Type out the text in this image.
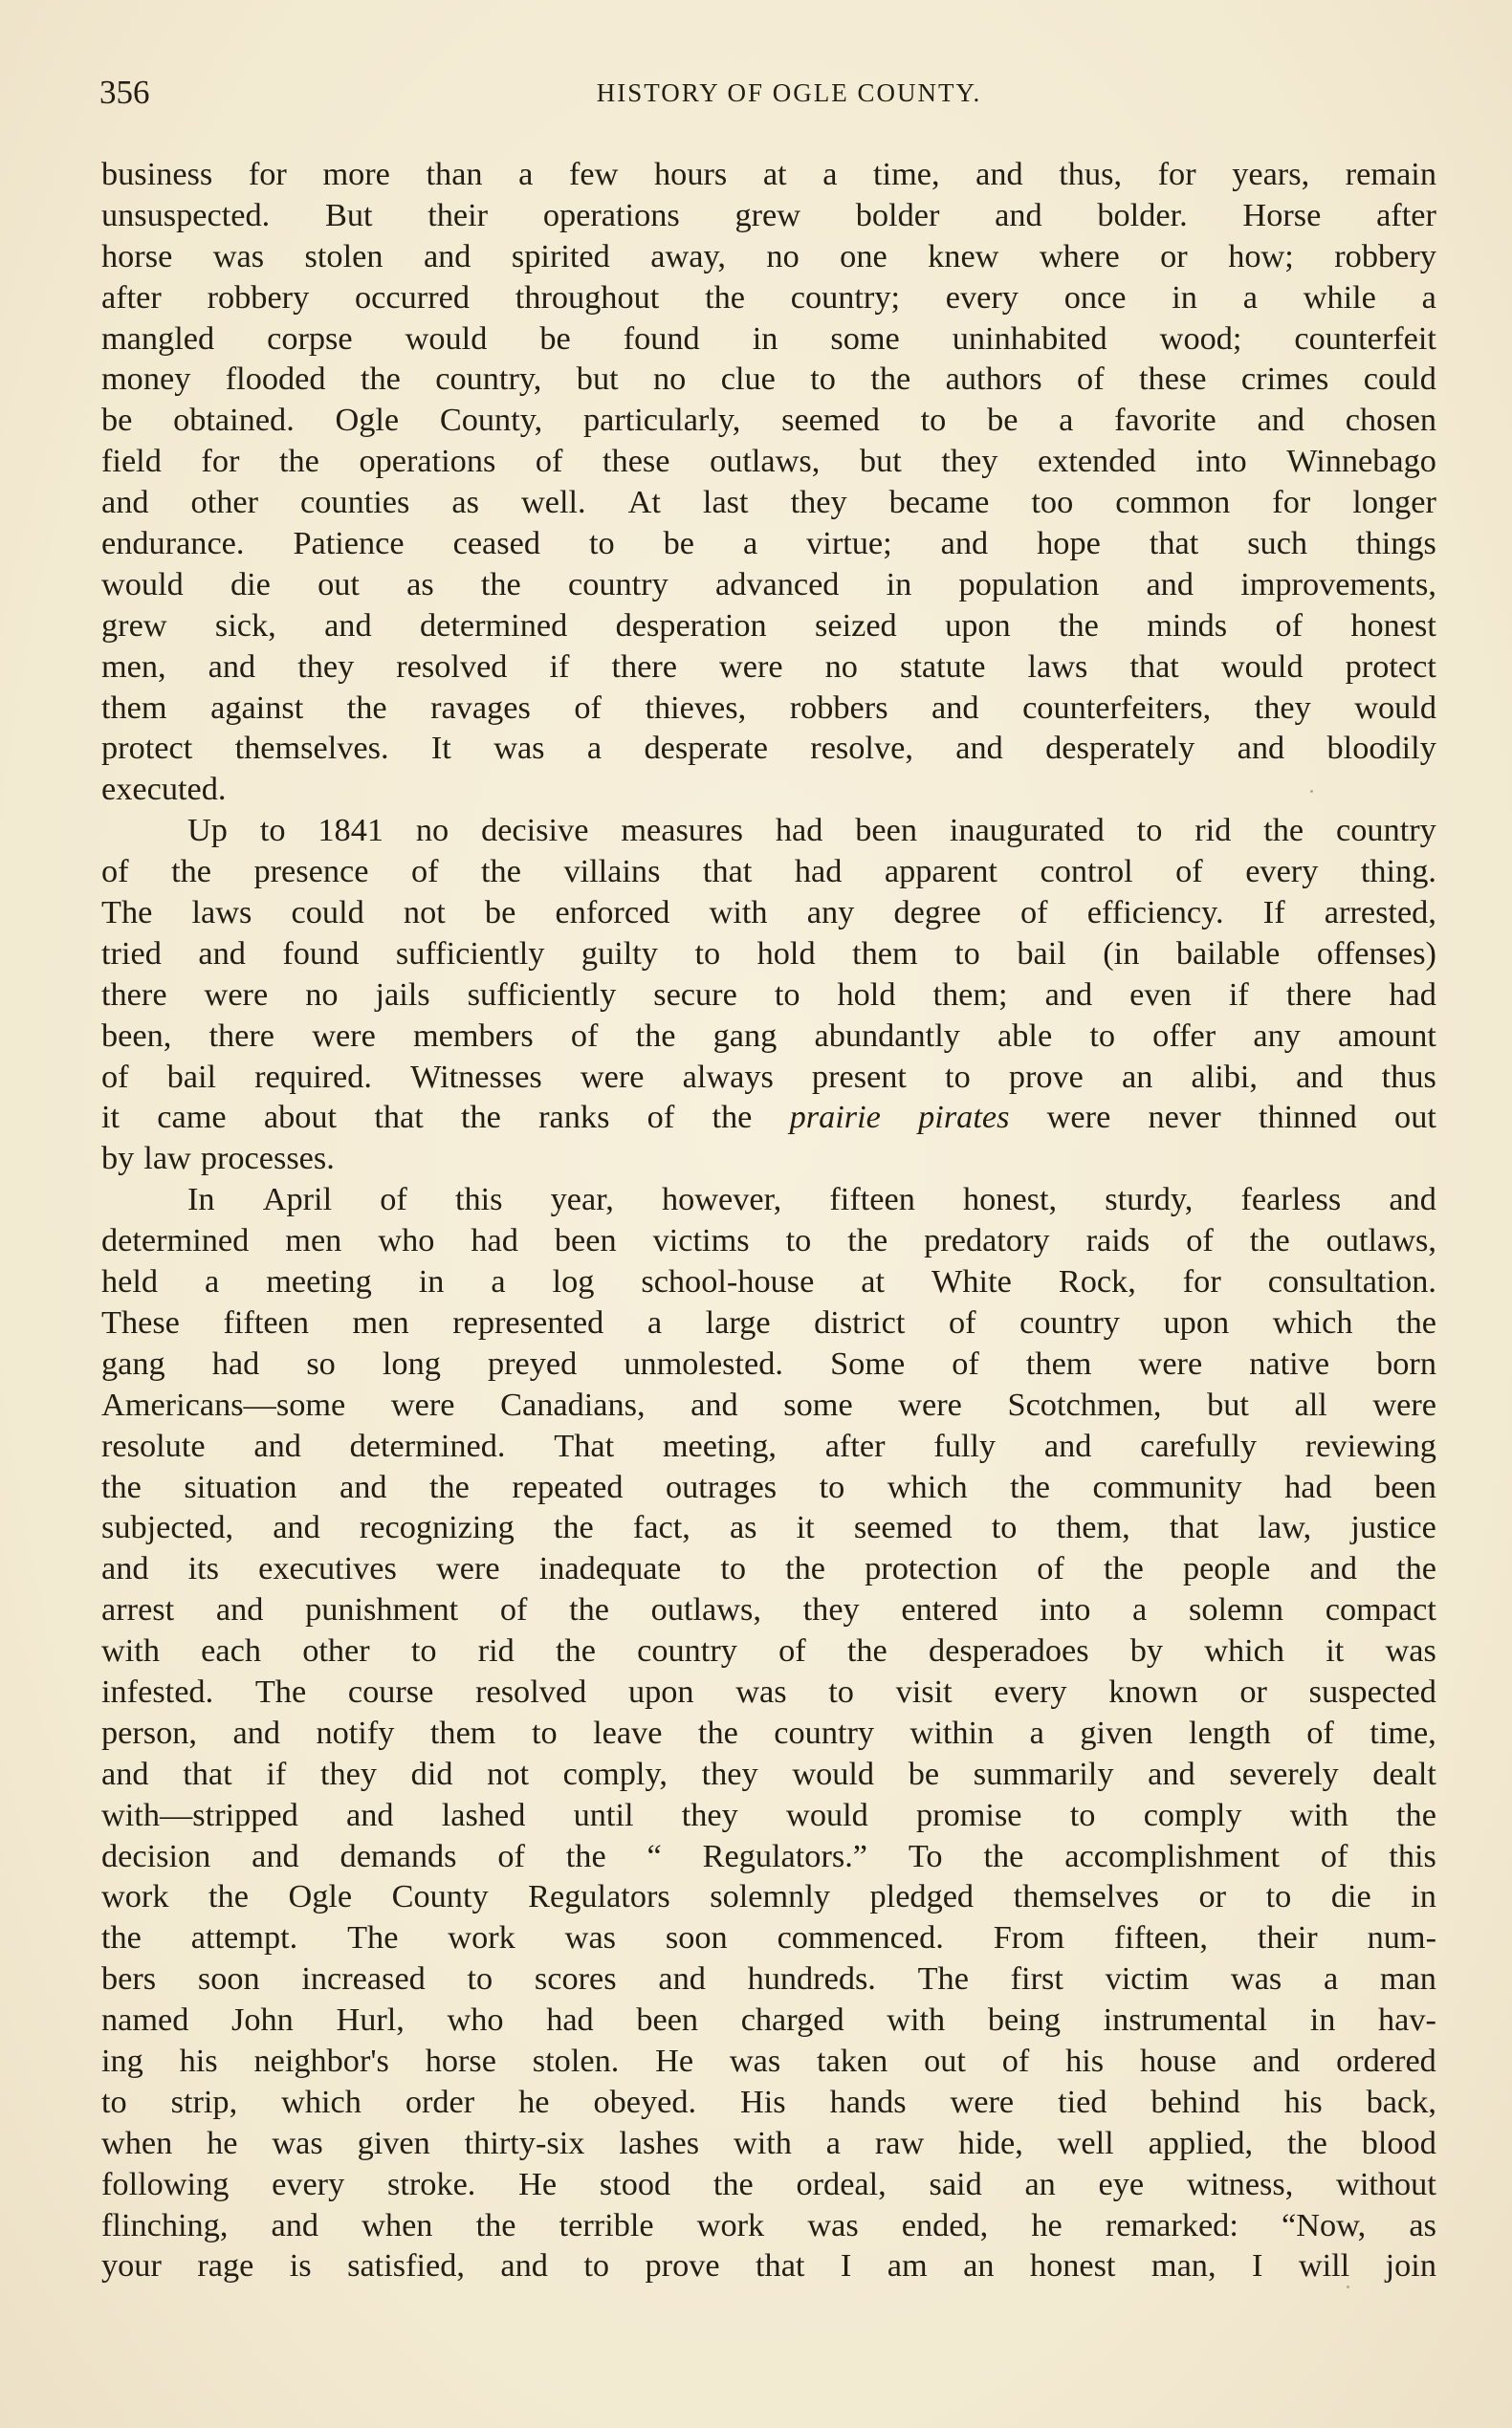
356	HISTORY OF OGLE COUNTY.
business for more than a few hours at a time, and thus, for years, remain
unsuspected. But their operations grew bolder and bolder. Horse after
horse was stolen and spirited away, no one knew where or how; robbery
after robbery occurred throughout the country; every once in a while a
mangled corpse would be found in some uninhabited wood; counterfeit
money flooded the country, but no clue to the authors of these crimes could
be obtained. Ogle County, particularly, seemed to be a favorite and chosen
field for the operations of these outlaws, but they extended into Winnebago
and other counties as well. At last they became too common for longer
endurance. Patience ceased to be a virtue; and hope that such things
would die out as the country advanced in population and improvements,
grew sick, and determined desperation seized upon the minds of honest
men, and they resolved if there were no statute laws that would protect
them against the ravages of thieves, robbers and counterfeiters, they would
protect themselves. It was a desperate resolve, and desperately and bloodily
executed.
Up to 1841 no decisive measures had been inaugurated to rid the country
of the presence of the villains that had apparent control of every thing.
The laws could not be enforced with any degree of efficiency. If arrested,
tried and found sufficiently guilty to hold them to bail (in bailable offenses)
there were no jails sufficiently secure to hold them; and even if there had
been, there were members of the gang abundantly able to offer any amount
of bail required. Witnesses were always present to prove an alibi, and thus
it came about that the ranks of the prairie pirates were never thinned out
by law processes.
In April of this year, however, fifteen honest, sturdy, fearless and
determined men who had been victims to the predatory raids of the outlaws,
held a meeting in a log school-house at White Rock, for consultation.
These fifteen men represented a large district of country upon which the
gang had so long preyed unmolested. Some of them were native born
Americans—some were Canadians, and some were Scotchmen, but all were
resolute and determined. That meeting, after fully and carefully reviewing
the situation and the repeated outrages to which the community had been
subjected, and recognizing the fact, as it seemed to them, that law, justice
and its executives were inadequate to the protection of the people and the
arrest and punishment of the outlaws, they entered into a solemn compact
with each other to rid the country of the desperadoes by which it was
infested. The course resolved upon was to visit every known or suspected
person, and notify them to leave the country within a given length of time,
and that if they did not comply, they would be summarily and severely dealt
with—stripped and lashed until they would promise to comply with the
decision and demands of the “ Regulators.” To the accomplishment of this
work the Ogle County Regulators solemnly pledged themselves or to die in
the attempt. The work was soon commenced. From fifteen, their num-
bers soon increased to scores and hundreds. The first victim was a man
named John Hurl, who had been charged with being instrumental in hav-
ing his neighbor's horse stolen. He was taken out of his house and ordered
to strip, which order he obeyed. His hands were tied behind his back,
when he was given thirty-six lashes with a raw hide, well applied, the blood
following every stroke. He stood the ordeal, said an eye witness, without
flinching, and when the terrible work was ended, he remarked: “Now, as
your rage is satisfied, and to prove that I am an honest man, I will join
